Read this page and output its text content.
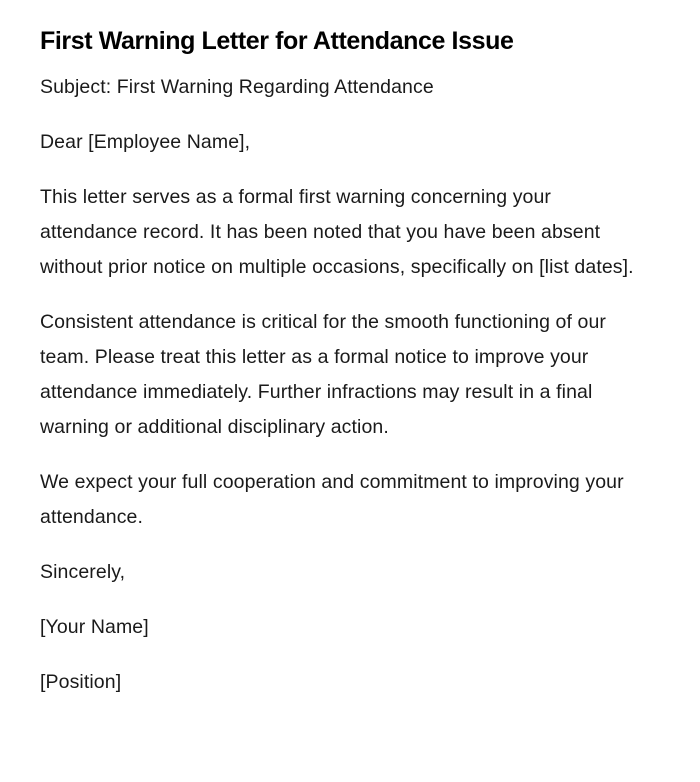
First Warning Letter for Attendance Issue

Subject: First Warning Regarding Attendance

Dear [Employee Name],

This letter serves as a formal first warning concerning your attendance record. It has been noted that you have been absent without prior notice on multiple occasions, specifically on [list dates].

Consistent attendance is critical for the smooth functioning of our team. Please treat this letter as a formal notice to improve your attendance immediately. Further infractions may result in a final warning or additional disciplinary action.

We expect your full cooperation and commitment to improving your attendance.

Sincerely,

[Your Name]

[Position]
